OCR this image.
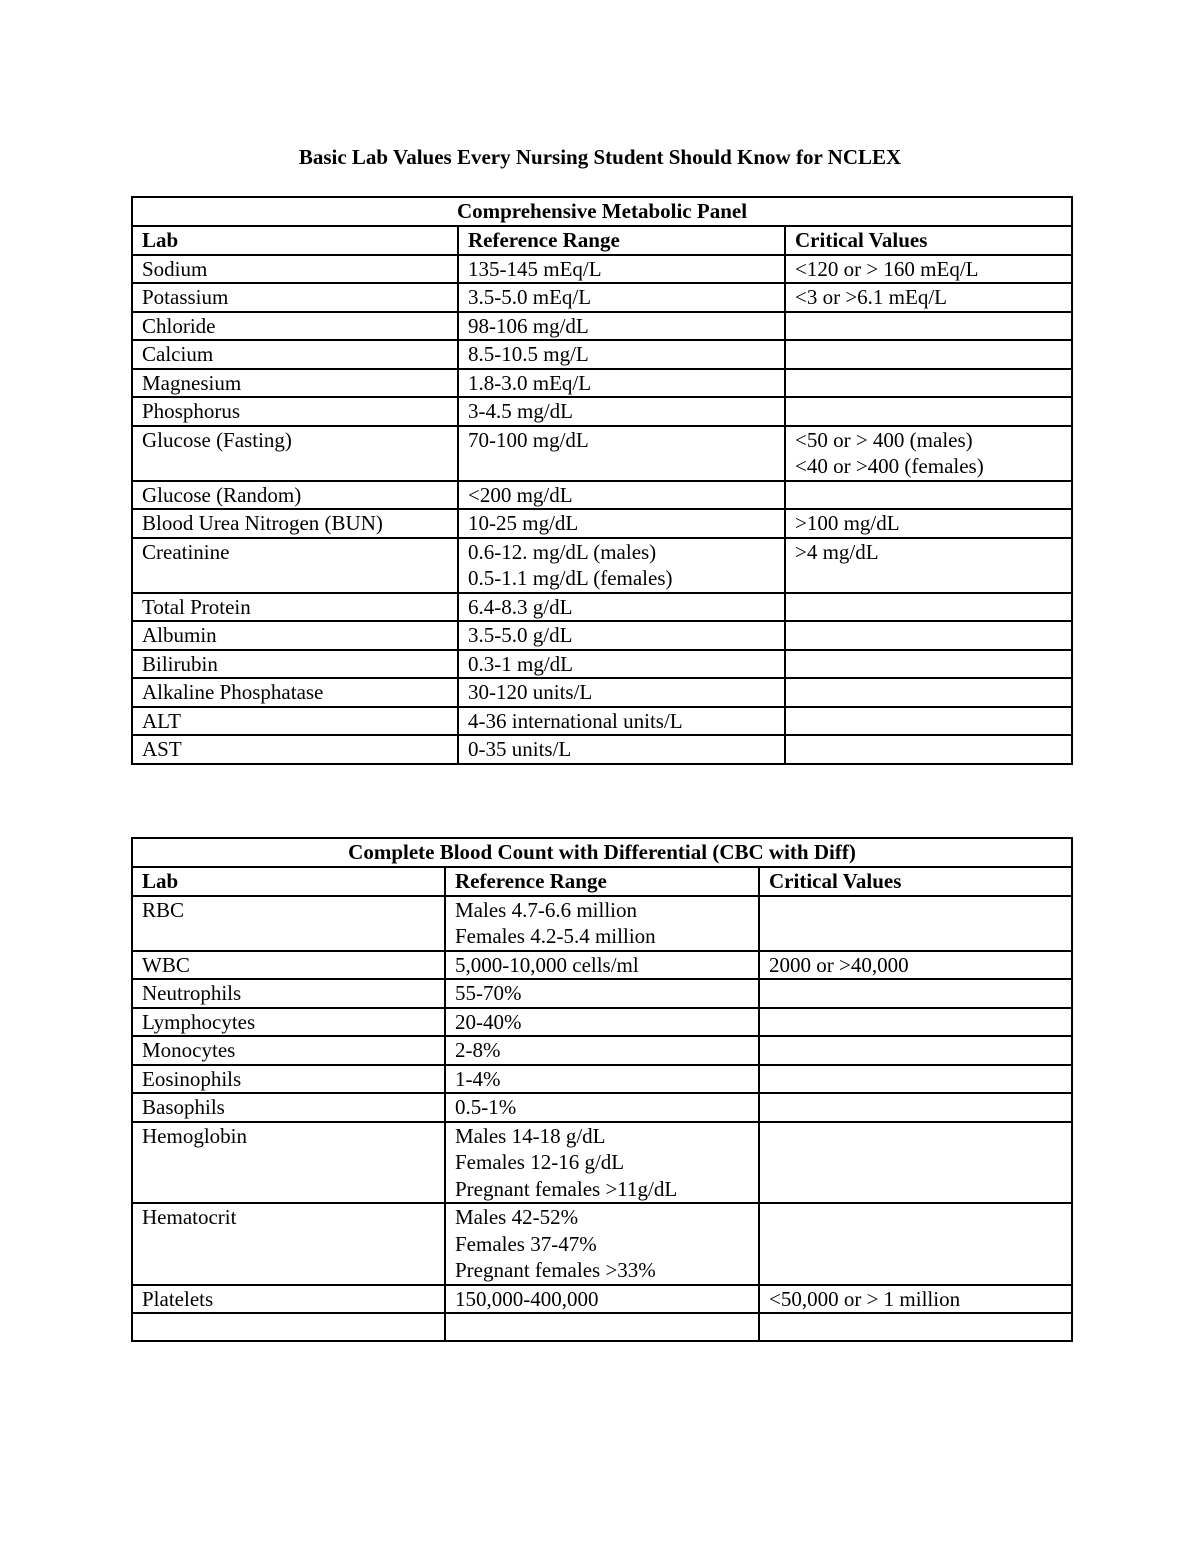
Basic Lab Values Every Nursing Student Should Know for NCLEX
Comprehensive Metabolic Panel		
Lab	Reference Range	Critical Values
Sodium	135-145 mEq/L	<120 or > 160 mEq/L

Potassium	3.5-5.0 mEq/L	<3 or >6.1 mEq/L

Chloride	98-106 mg/dL	

Calcium	8.5-10.5 mg/L	

Magnesium	1.8-3.0 mEq/L	

Phosphorus	3-4.5 mg/dL	

Glucose (Fasting)	70-100 mg/dL	<50 or > 400 (males)
<40 or >400 (females)

Glucose (Random)	<200 mg/dL	

Blood Urea Nitrogen (BUN)	10-25 mg/dL	>100 mg/dL

Creatinine	0.6-12. mg/dL (males)
0.5-1.1 mg/dL (females)	>4 mg/dL

Total Protein	6.4-8.3 g/dL	

Albumin	3.5-5.0 g/dL	

Bilirubin	0.3-1 mg/dL	

Alkaline Phosphatase	30-120 units/L	

ALT	4-36 international units/L	

AST	0-35 units/L	

Complete Blood Count with Differential (CBC with Diff)		
Lab	Reference Range	Critical Values
RBC	Males 4.7-6.6 million
Females 4.2-5.4 million	

WBC	5,000-10,000 cells/ml	2000 or >40,000

Neutrophils	55-70%	

Lymphocytes	20-40%	

Monocytes	2-8%	

Eosinophils	1-4%	

Basophils	0.5-1%	

Hemoglobin	Males 14-18 g/dL
Females 12-16 g/dL
Pregnant females >11g/dL	

Hematocrit	Males 42-52%
Females 37-47%
Pregnant females >33%	

Platelets	150,000-400,000	<50,000 or > 1 million
